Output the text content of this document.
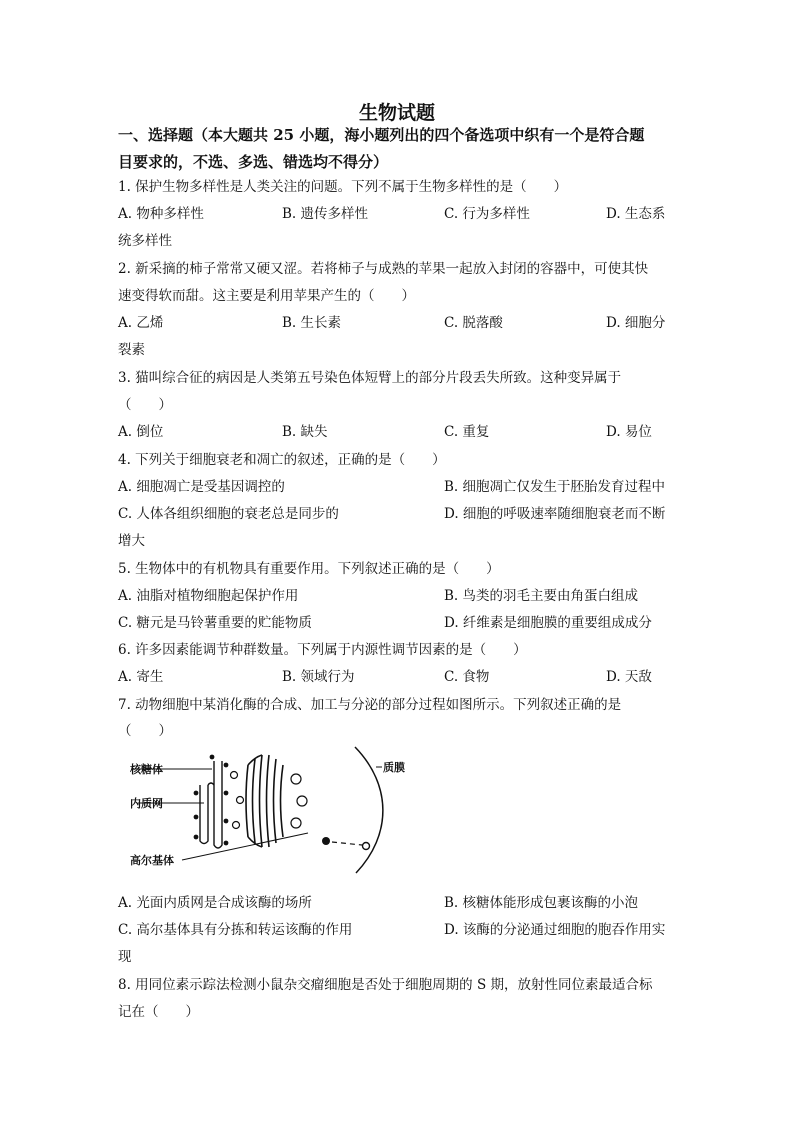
生物试题
一、选择题（本大题共 25 小题，海小题列出的四个备选项中织有一个是符合题
目要求的，不选、多选、错选均不得分）
1. 保护生物多样性是人类关注的问题。下列不属于生物多样性的是（　　）
A. 物种多样性	B. 遗传多样性	C. 行为多样性	D. 生态系
统多样性
2. 新采摘的柿子常常又硬又涩。若将柿子与成熟的苹果一起放入封闭的容器中，可使其快
速变得软而甜。这主要是利用苹果产生的（　　）
A. 乙烯	B. 生长素	C. 脱落酸	D. 细胞分
裂素
3. 猫叫综合征的病因是人类第五号染色体短臂上的部分片段丢失所致。这种变异属于
（　　）
A. 倒位	B. 缺失	C. 重复	D. 易位
4. 下列关于细胞衰老和凋亡的叙述，正确的是（　　）
A. 细胞凋亡是受基因调控的	B. 细胞凋亡仅发生于胚胎发育过程中
C. 人体各组织细胞的衰老总是同步的	D. 细胞的呼吸速率随细胞衰老而不断
增大
5. 生物体中的有机物具有重要作用。下列叙述正确的是（　　）
A. 油脂对植物细胞起保护作用	B. 鸟类的羽毛主要由角蛋白组成
C. 糖元是马铃薯重要的贮能物质	D. 纤维素是细胞膜的重要组成成分
6. 许多因素能调节种群数量。下列属于内源性调节因素的是（　　）
A. 寄生	B. 领域行为	C. 食物	D. 天敌
7. 动物细胞中某消化酶的合成、加工与分泌的部分过程如图所示。下列叙述正确的是
（　　）
核糖体
内质网
高尔基体
质膜
A. 光面内质网是合成该酶的场所	B. 核糖体能形成包裹该酶的小泡
C. 高尔基体具有分拣和转运该酶的作用	D. 该酶的分泌通过细胞的胞吞作用实
现
8. 用同位素示踪法检测小鼠杂交瘤细胞是否处于细胞周期的 S 期，放射性同位素最适合标
记在（　　）
